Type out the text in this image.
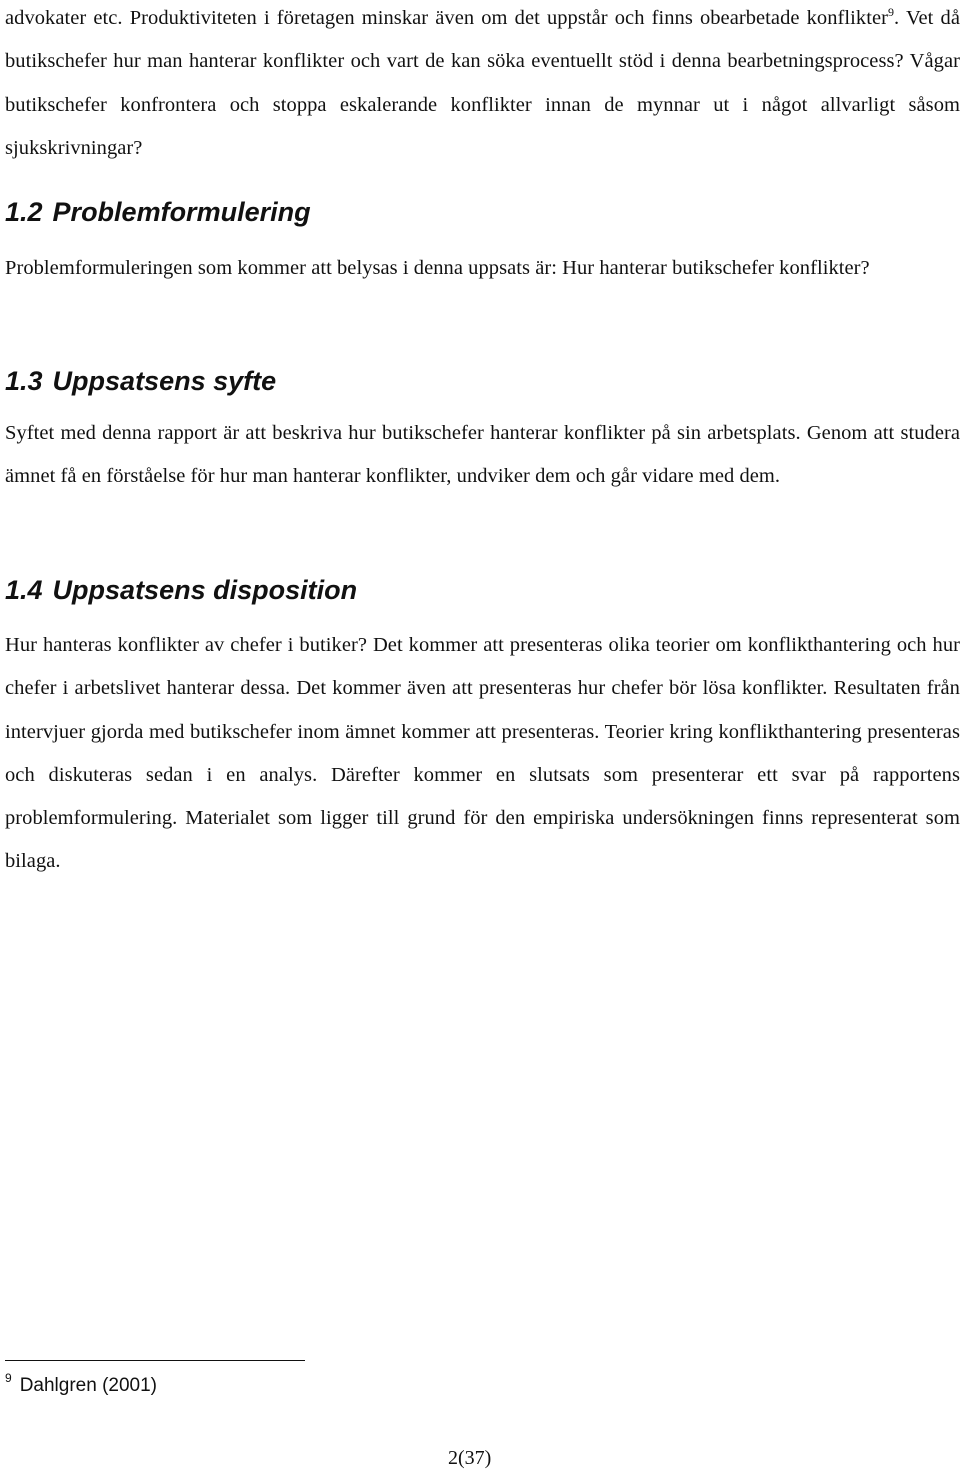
advokater etc. Produktiviteten i företagen minskar även om det uppstår och finns obearbetade konflikter$^9$. Vet då butikschefer hur man hanterar konflikter och vart de kan söka eventuellt stöd i denna bearbetningsprocess? Vågar butikschefer konfrontera och stoppa eskalerande konflikter innan de mynnar ut i något allvarligt såsom sjukskrivningar?

1.2 Problemformulering

Problemformuleringen som kommer att belysas i denna uppsats är: Hur hanterar butikschefer konflikter?

1.3 Uppsatsens syfte

Syftet med denna rapport är att beskriva hur butikschefer hanterar konflikter på sin arbetsplats. Genom att studera ämnet få en förståelse för hur man hanterar konflikter, undviker dem och går vidare med dem.

1.4 Uppsatsens disposition

Hur hanteras konflikter av chefer i butiker? Det kommer att presenteras olika teorier om konflikthantering och hur chefer i arbetslivet hanterar dessa. Det kommer även att presenteras hur chefer bör lösa konflikter. Resultaten från intervjuer gjorda med butikschefer inom ämnet kommer att presenteras. Teorier kring konflikthantering presenteras och diskuteras sedan i en analys. Därefter kommer en slutsats som presenterar ett svar på rapportens problemformulering. Materialet som ligger till grund för den empiriska undersökningen finns representerat som bilaga.

$^9$ Dahlgren (2001)
2(37)
